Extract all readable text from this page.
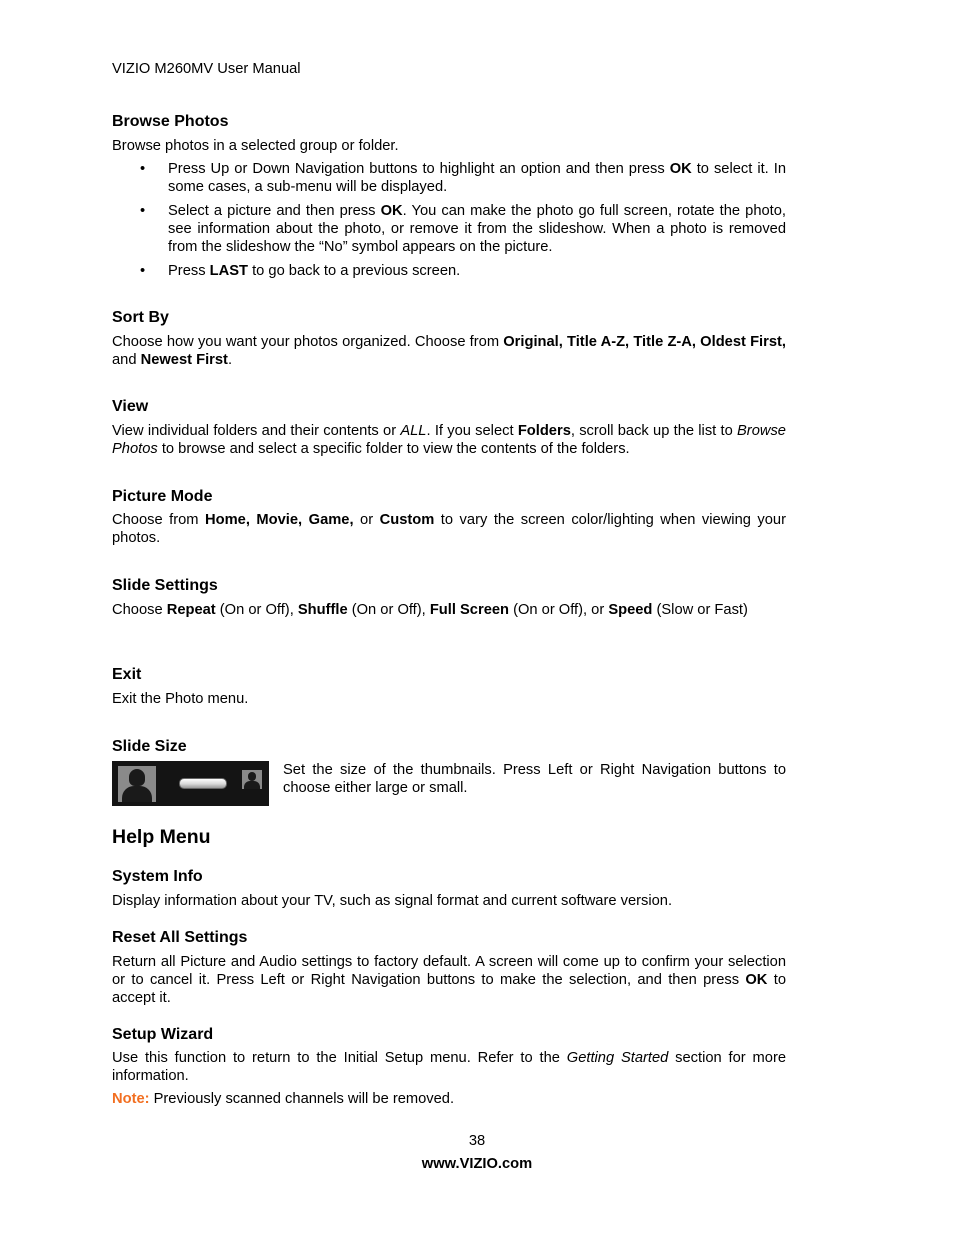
VIZIO M260MV User Manual
Browse Photos
Browse photos in a selected group or folder.
• Press Up or Down Navigation buttons to highlight an option and then press OK to select it. In some cases, a sub-menu will be displayed.
• Select a picture and then press OK. You can make the photo go full screen, rotate the photo, see information about the photo, or remove it from the slideshow. When a photo is removed from the slideshow the “No” symbol appears on the picture.
• Press LAST to go back to a previous screen.
Sort By
Choose how you want your photos organized. Choose from Original, Title A-Z, Title Z-A, Oldest First, and Newest First.
View
View individual folders and their contents or ALL. If you select Folders, scroll back up the list to Browse Photos to browse and select a specific folder to view the contents of the folders.
Picture Mode
Choose from Home, Movie, Game, or Custom to vary the screen color/lighting when viewing your photos.
Slide Settings
Choose Repeat (On or Off), Shuffle (On or Off), Full Screen (On or Off), or Speed (Slow or Fast)
Exit
Exit the Photo menu.
Slide Size
Set the size of the thumbnails. Press Left or Right Navigation buttons to choose either large or small.
Help Menu
System Info
Display information about your TV, such as signal format and current software version.
Reset All Settings
Return all Picture and Audio settings to factory default. A screen will come up to confirm your selection or to cancel it. Press Left or Right Navigation buttons to make the selection, and then press OK to accept it.
Setup Wizard
Use this function to return to the Initial Setup menu. Refer to the Getting Started section for more information.
Note: Previously scanned channels will be removed.
38
www.VIZIO.com
